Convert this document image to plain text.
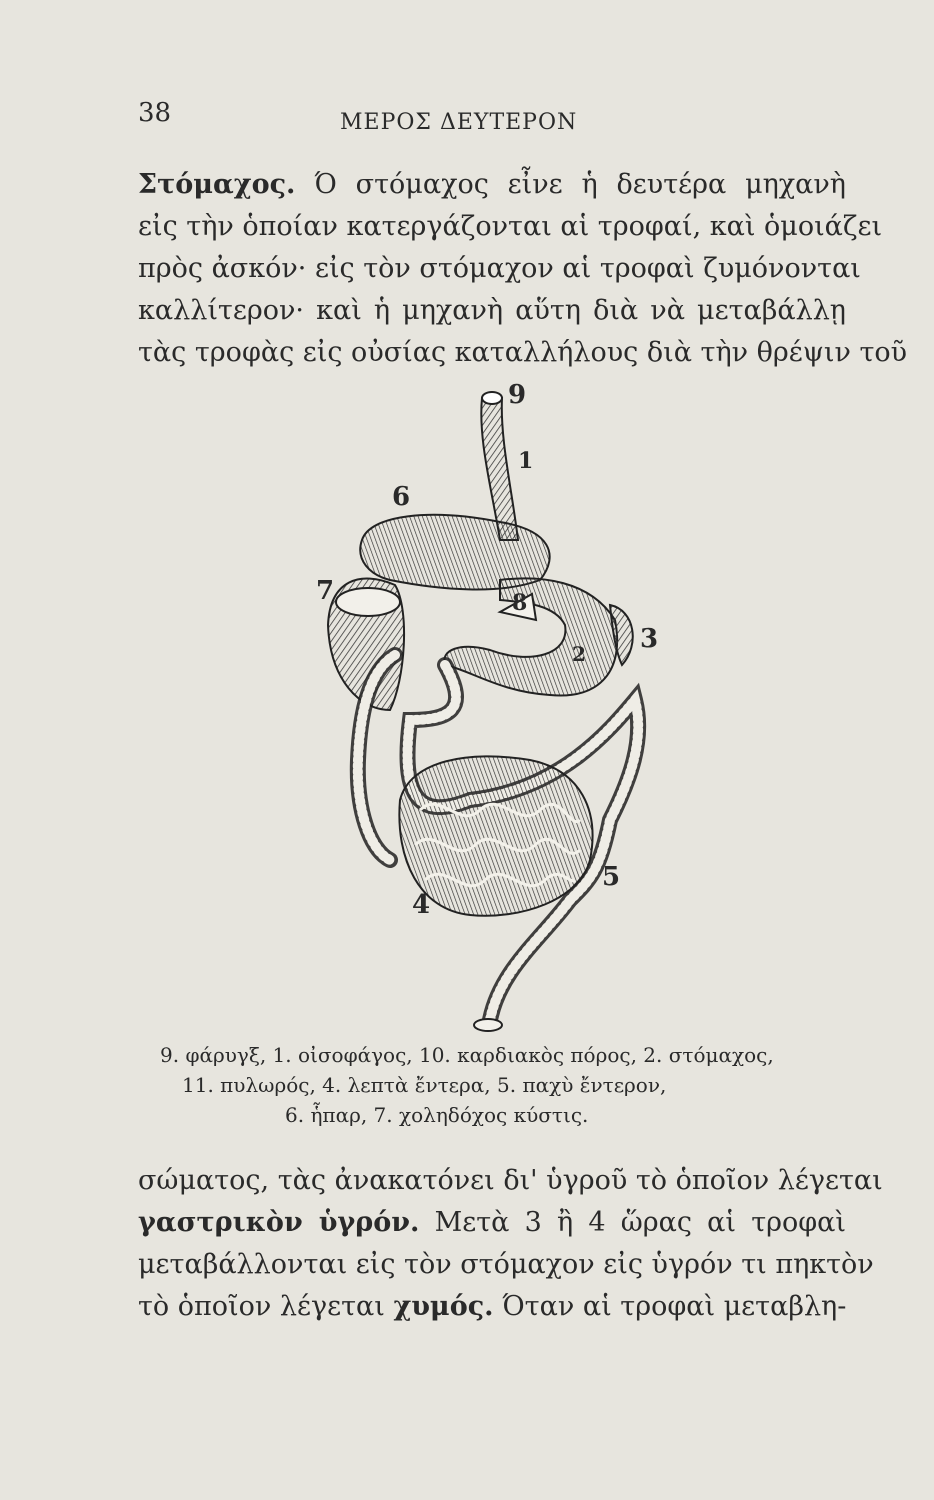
38	ΜΕΡΟΣ ΔΕΥΤΕΡΟΝ
Στόμαχος. Ό στόμαχος εἶνε ἡ δευτέρα μηχανὴ
εἰς τὴν ὁποίαν κατεργάζονται αἱ τροφαί, καὶ ὁμοιάζει
πρὸς ἀσκόν· εἰς τὸν στόμαχον αἱ τροφαὶ ζυμόνονται
καλλίτερον· καὶ ἡ μηχανὴ αὕτη διὰ νὰ μεταβάλλῃ
τὰς τροφὰς εἰς οὐσίας καταλλήλους διὰ τὴν θρέψιν τοῦ
9
1
6
7	8
3
2
5
4
9. φάρυγξ, 1. οἰσοφάγος, 10. καρδιακὸς πόρος, 2. στόμαχος,
11. πυλωρός, 4. λεπτὰ ἔντερα, 5. παχὺ ἔντερον,
6. ἧπαρ, 7. χοληδόχος κύστις.
σώματος, τὰς ἀνακατόνει δι' ὑγροῦ τὸ ὁποῖον λέγεται
γαστρικὸν ὑγρόν. Μετὰ 3 ἢ 4 ὥρας αἱ τροφαὶ
μεταβάλλονται εἰς τὸν στόμαχον εἰς ὑγρόν τι πηκτὸν
τὸ ὁποῖον λέγεται χυμός. Όταν αἱ τροφαὶ μεταβλη-
